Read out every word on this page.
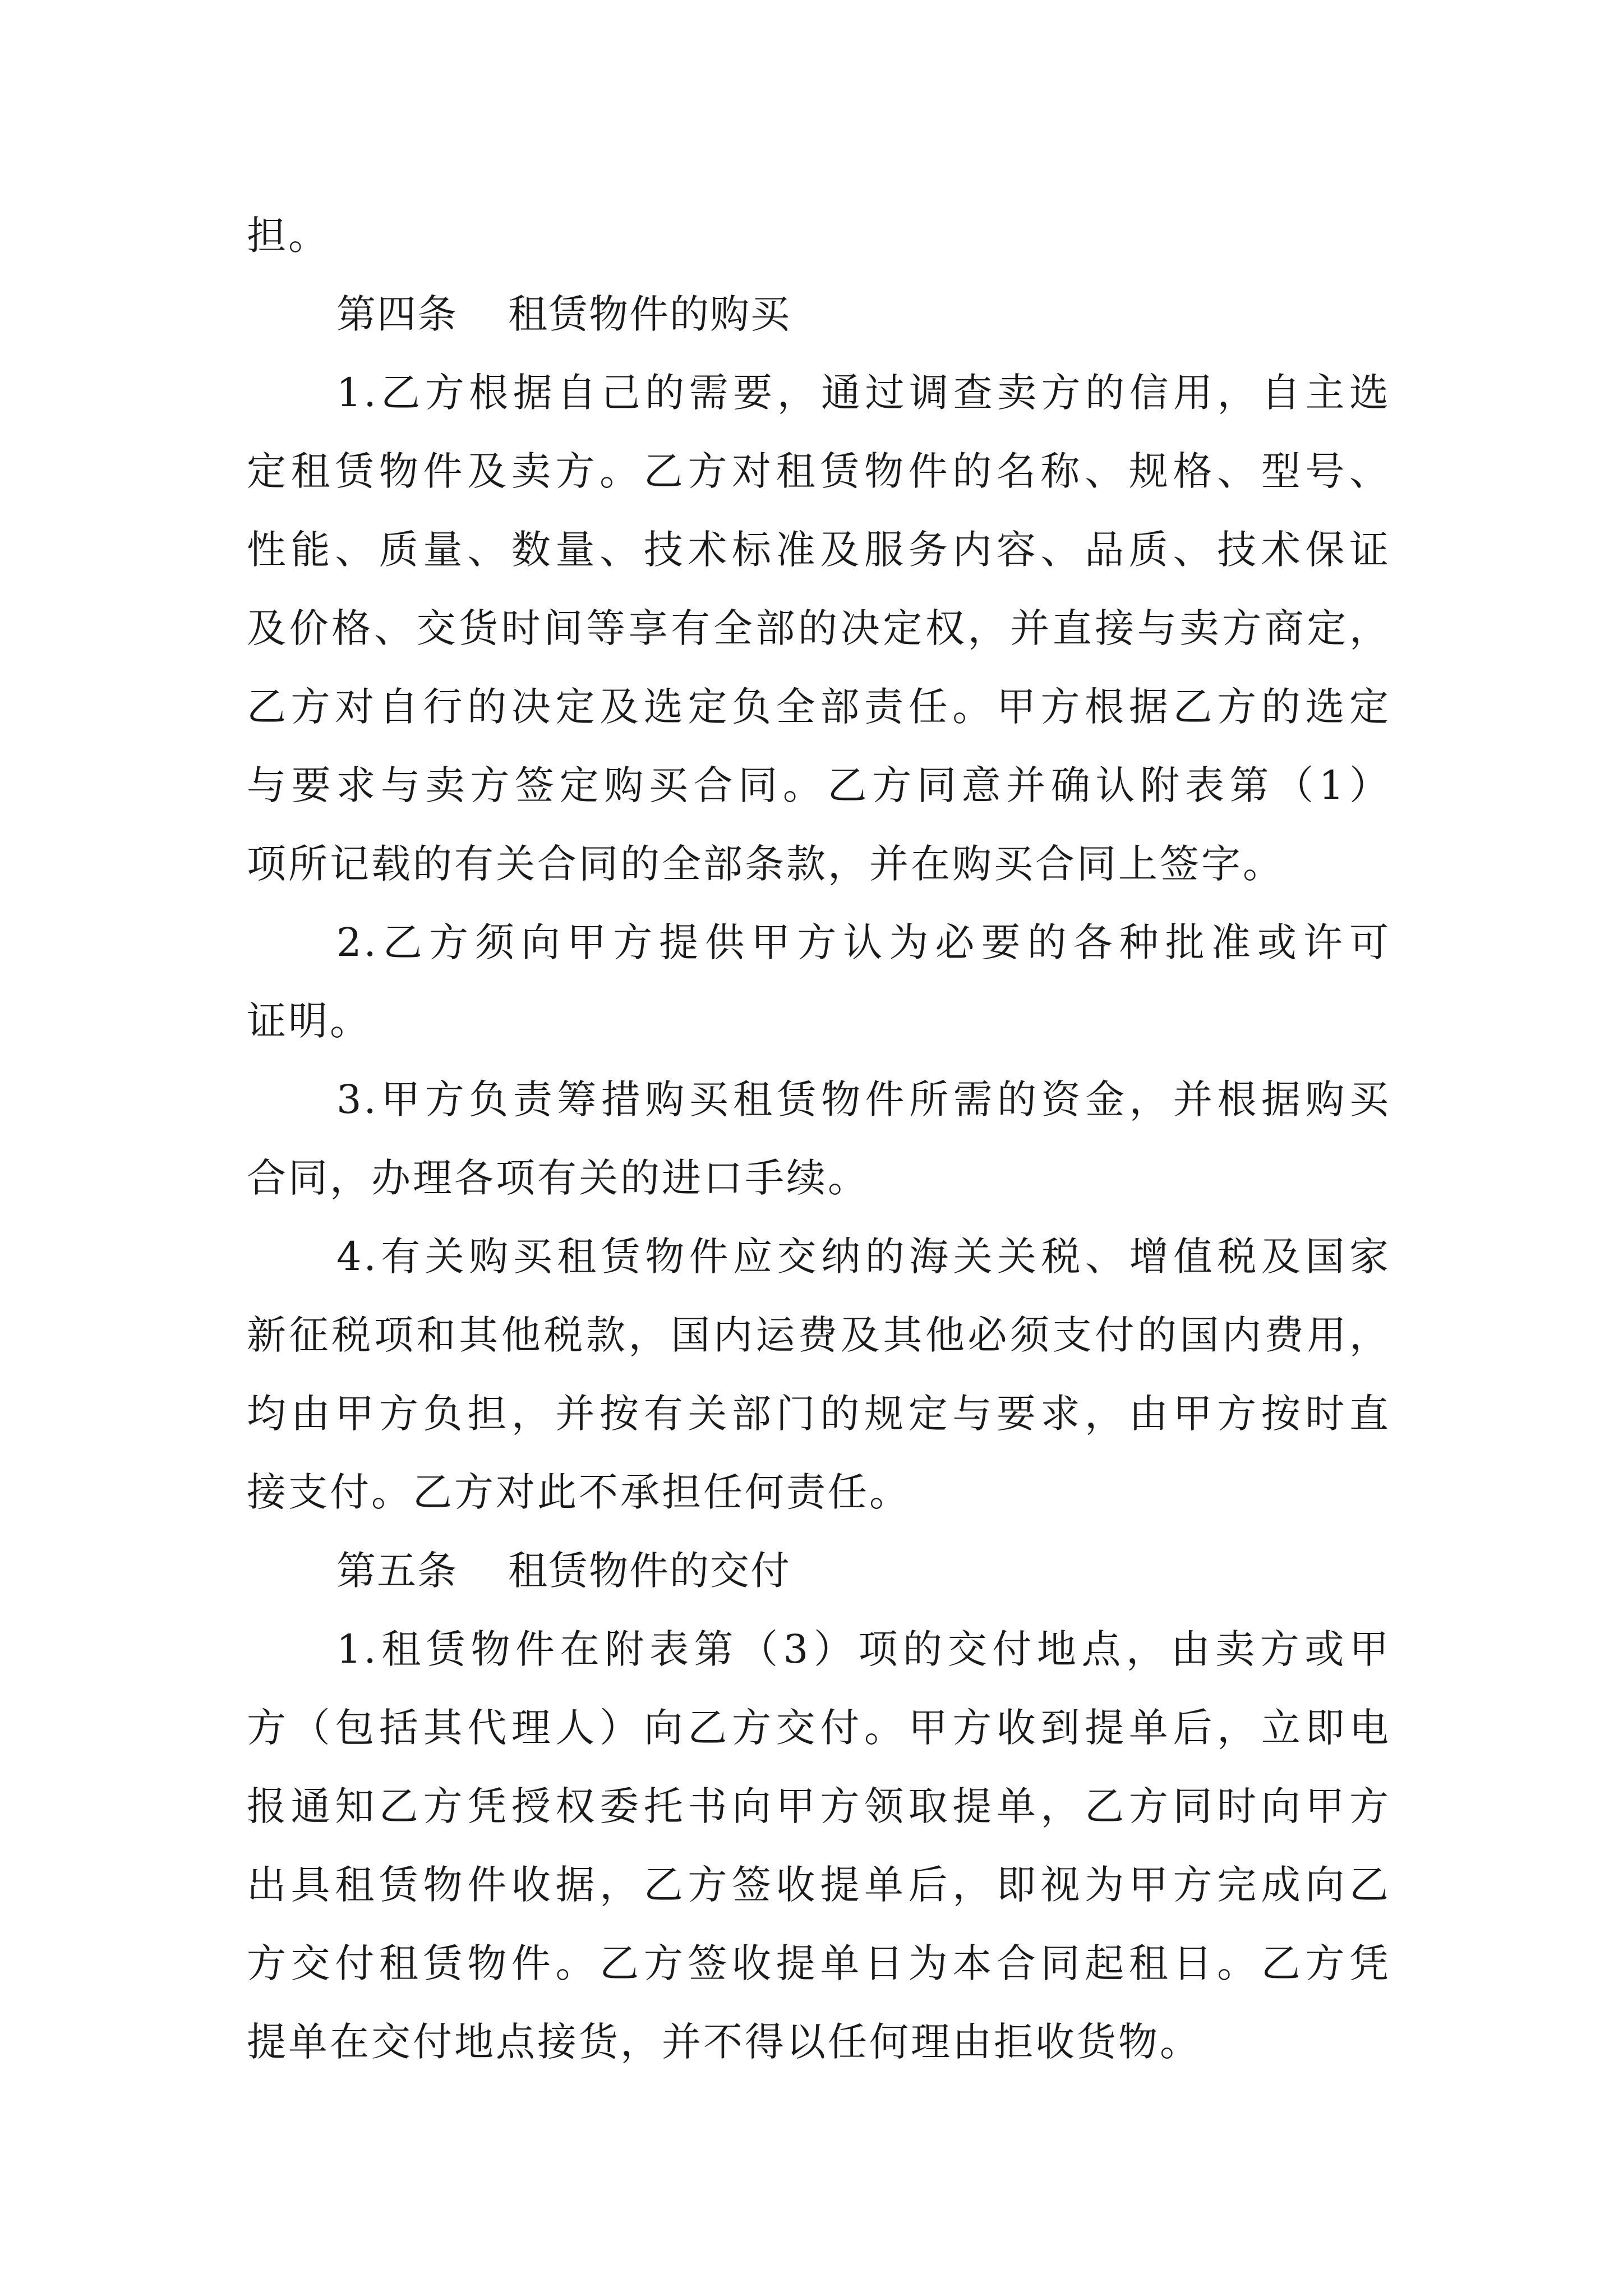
担。
第四条 租赁物件的购买
1.乙方根据自己的需要，通过调查卖方的信用，自主选
定租赁物件及卖方。乙方对租赁物件的名称、规格、型号、
性能、质量、数量、技术标准及服务内容、品质、技术保证
及价格、交货时间等享有全部的决定权，并直接与卖方商定，
乙方对自行的决定及选定负全部责任。甲方根据乙方的选定
与要求与卖方签定购买合同。乙方同意并确认附表第（1）
项所记载的有关合同的全部条款，并在购买合同上签字。
2.乙方须向甲方提供甲方认为必要的各种批准或许可
证明。
3.甲方负责筹措购买租赁物件所需的资金，并根据购买
合同，办理各项有关的进口手续。
4.有关购买租赁物件应交纳的海关关税、增值税及国家
新征税项和其他税款，国内运费及其他必须支付的国内费用，
均由甲方负担，并按有关部门的规定与要求，由甲方按时直
接支付。乙方对此不承担任何责任。
第五条 租赁物件的交付
1.租赁物件在附表第（3）项的交付地点，由卖方或甲
方（包括其代理人）向乙方交付。甲方收到提单后，立即电
报通知乙方凭授权委托书向甲方领取提单，乙方同时向甲方
出具租赁物件收据，乙方签收提单后，即视为甲方完成向乙
方交付租赁物件。乙方签收提单日为本合同起租日。乙方凭
提单在交付地点接货，并不得以任何理由拒收货物。
